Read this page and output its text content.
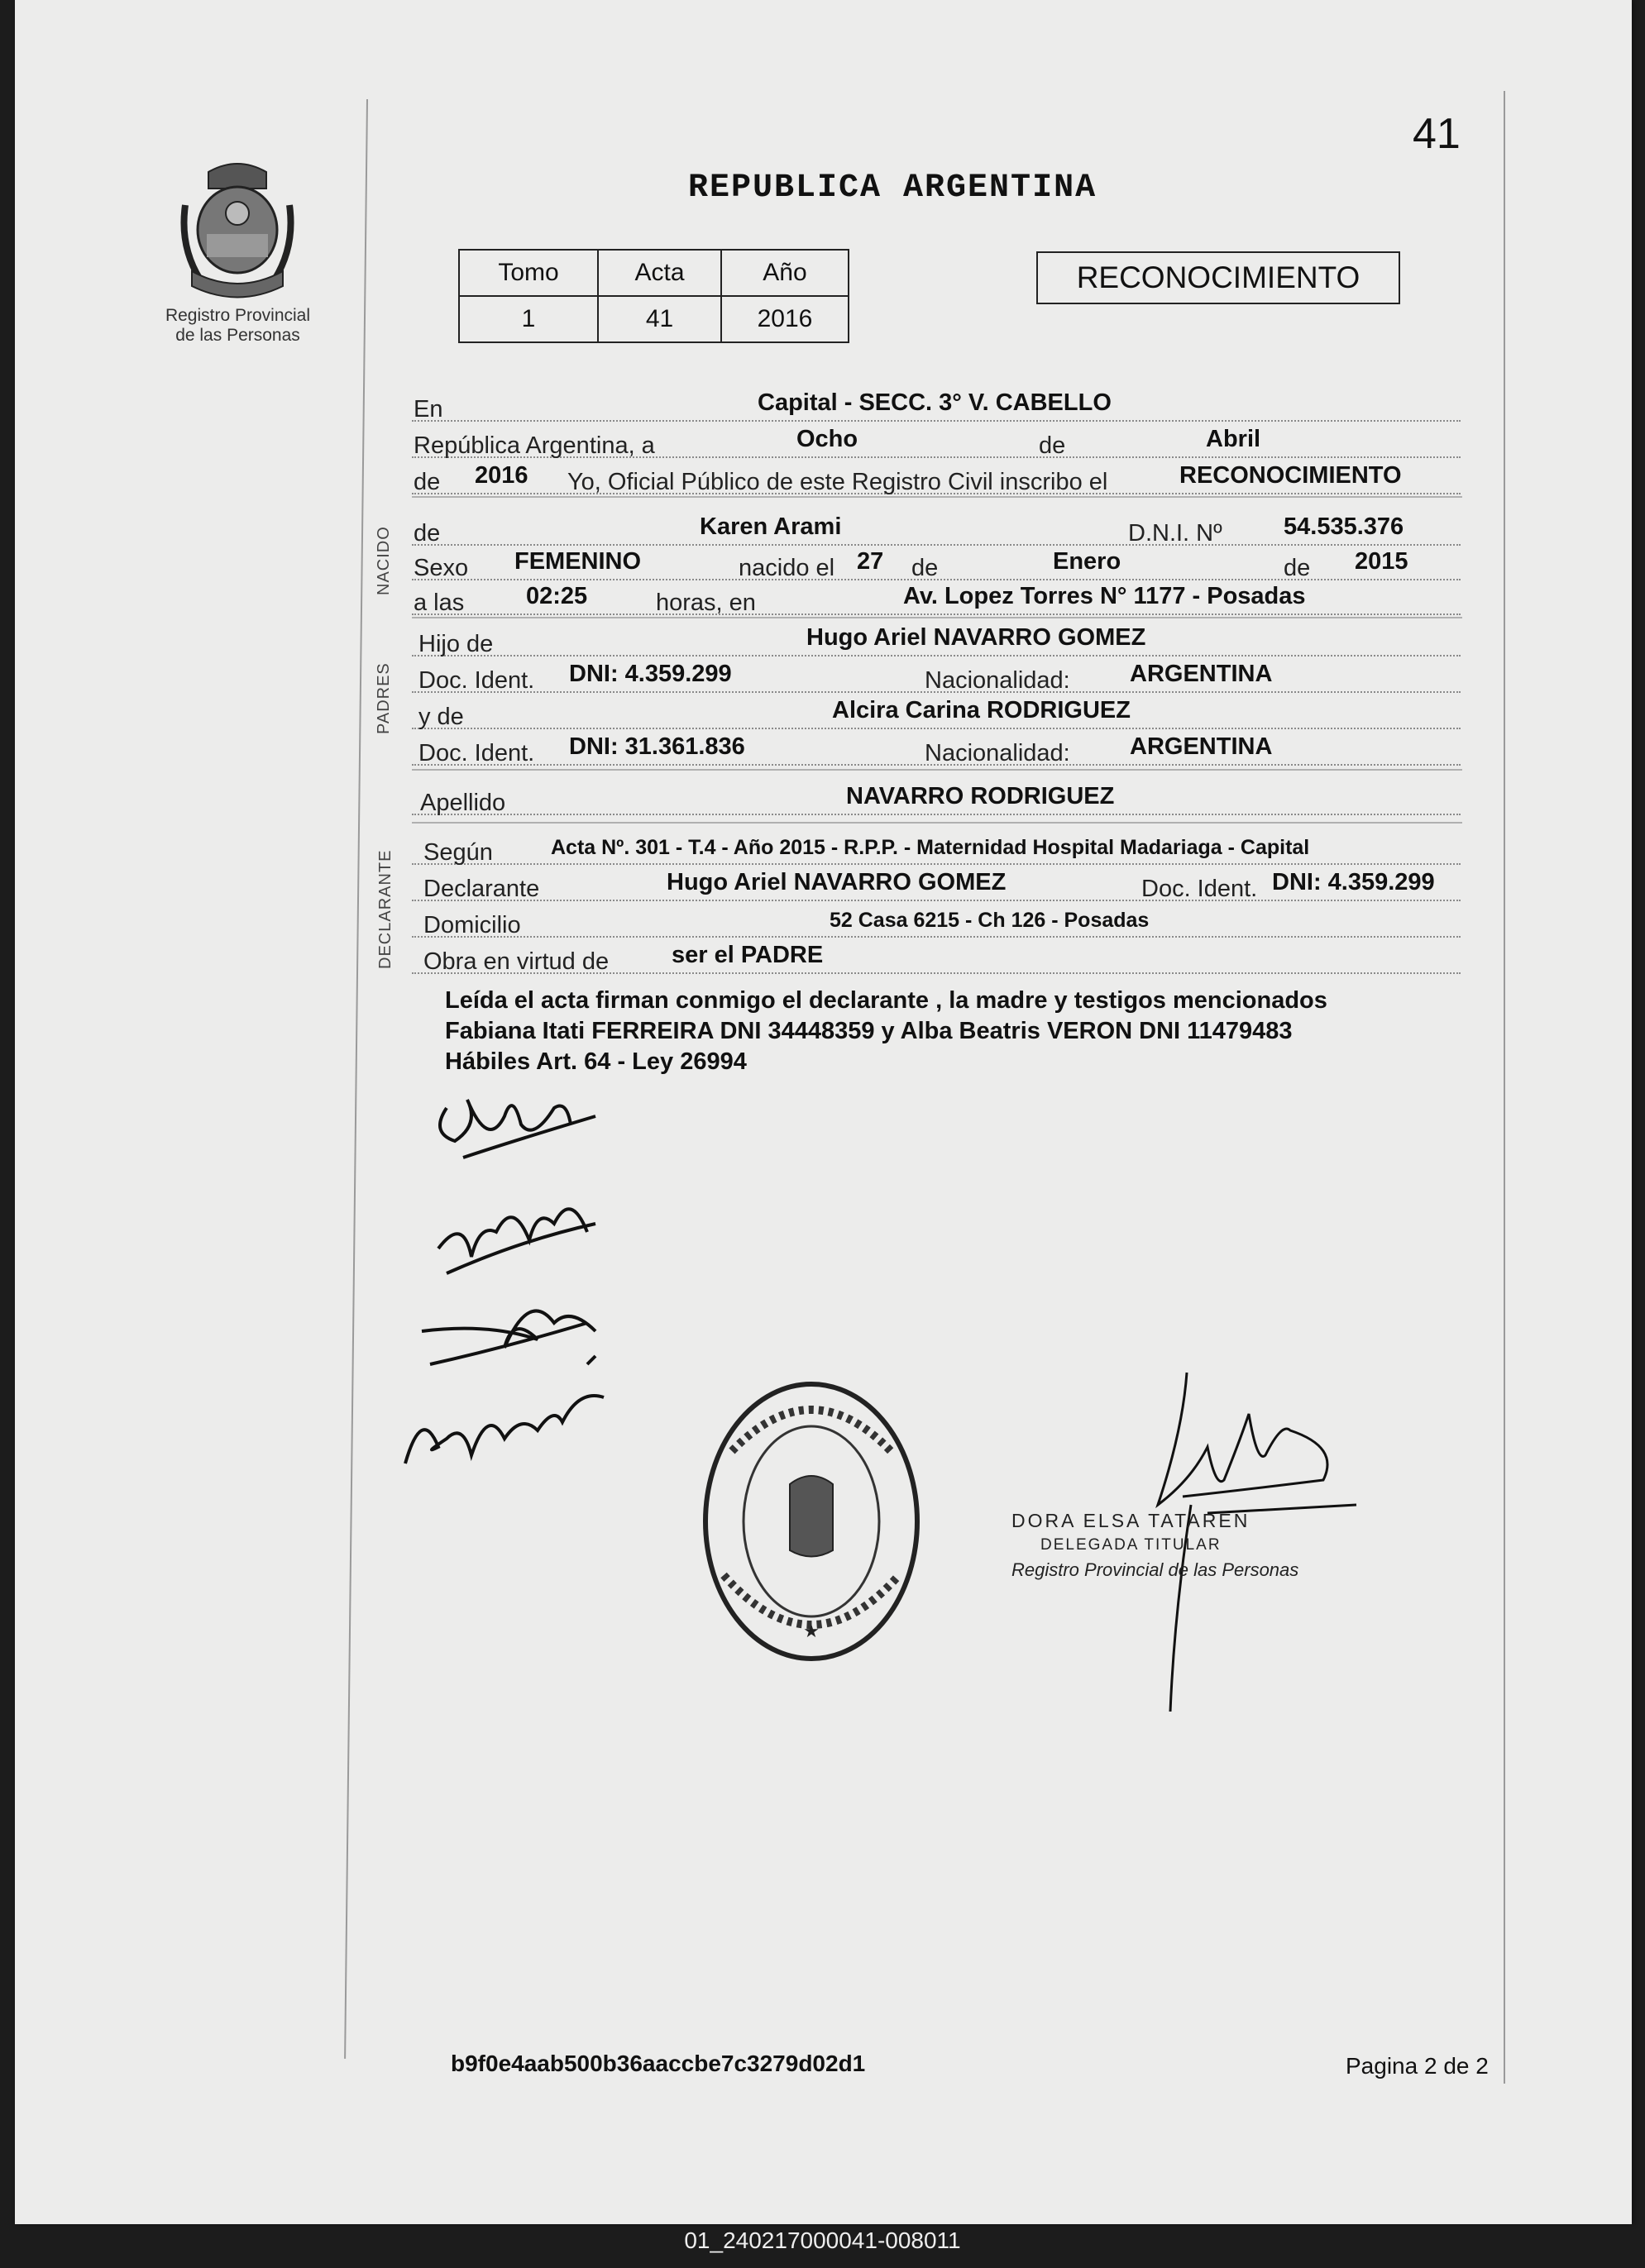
41
REPUBLICA ARGENTINA
Registro Provincial
de las Personas
Tomo	Acta	Año
1	41	2016
RECONOCIMIENTO
En	Capital - SECC. 3° V. CABELLO
República Argentina, a	Ocho	de	Abril
de 2016 Yo, Oficial Público de este Registro Civil inscribo el	RECONOCIMIENTO
NACIDO de	Karen Arami	D.N.I. Nº	54.535.376
Sexo FEMENINO	nacido el 27 de	Enero	de 2015
a las	02:25	horas, en	Av. Lopez Torres N° 1177 - Posadas
PADRES
Hijo de	Hugo Ariel NAVARRO GOMEZ
Doc. Ident. DNI: 4.359.299	Nacionalidad: ARGENTINA
y de	Alcira Carina RODRIGUEZ
Doc. Ident. DNI: 31.361.836	Nacionalidad: ARGENTINA
Apellido	NAVARRO RODRIGUEZ
DECLARANTE Según	Acta Nº. 301 - T.4 - Año 2015 - R.P.P. - Maternidad Hospital Madariaga - Capital
Declarante	Hugo Ariel NAVARRO GOMEZ	Doc. Ident. DNI: 4.359.299
Domicilio	52 Casa 6215 - Ch 126 - Posadas
Obra en virtud de	ser el PADRE
Leída el acta firman conmigo el declarante , la madre y testigos mencionados
Fabiana Itati FERREIRA DNI 34448359 y Alba Beatris VERON DNI 11479483
Hábiles Art. 64 - Ley 26994
★
DORA ELSA TATAREN
DELEGADA TITULAR
Registro Provincial de las Personas
b9f0e4aab500b36aaccbe7c3279d02d1	Pagina 2 de 2
01_240217000041-008011
